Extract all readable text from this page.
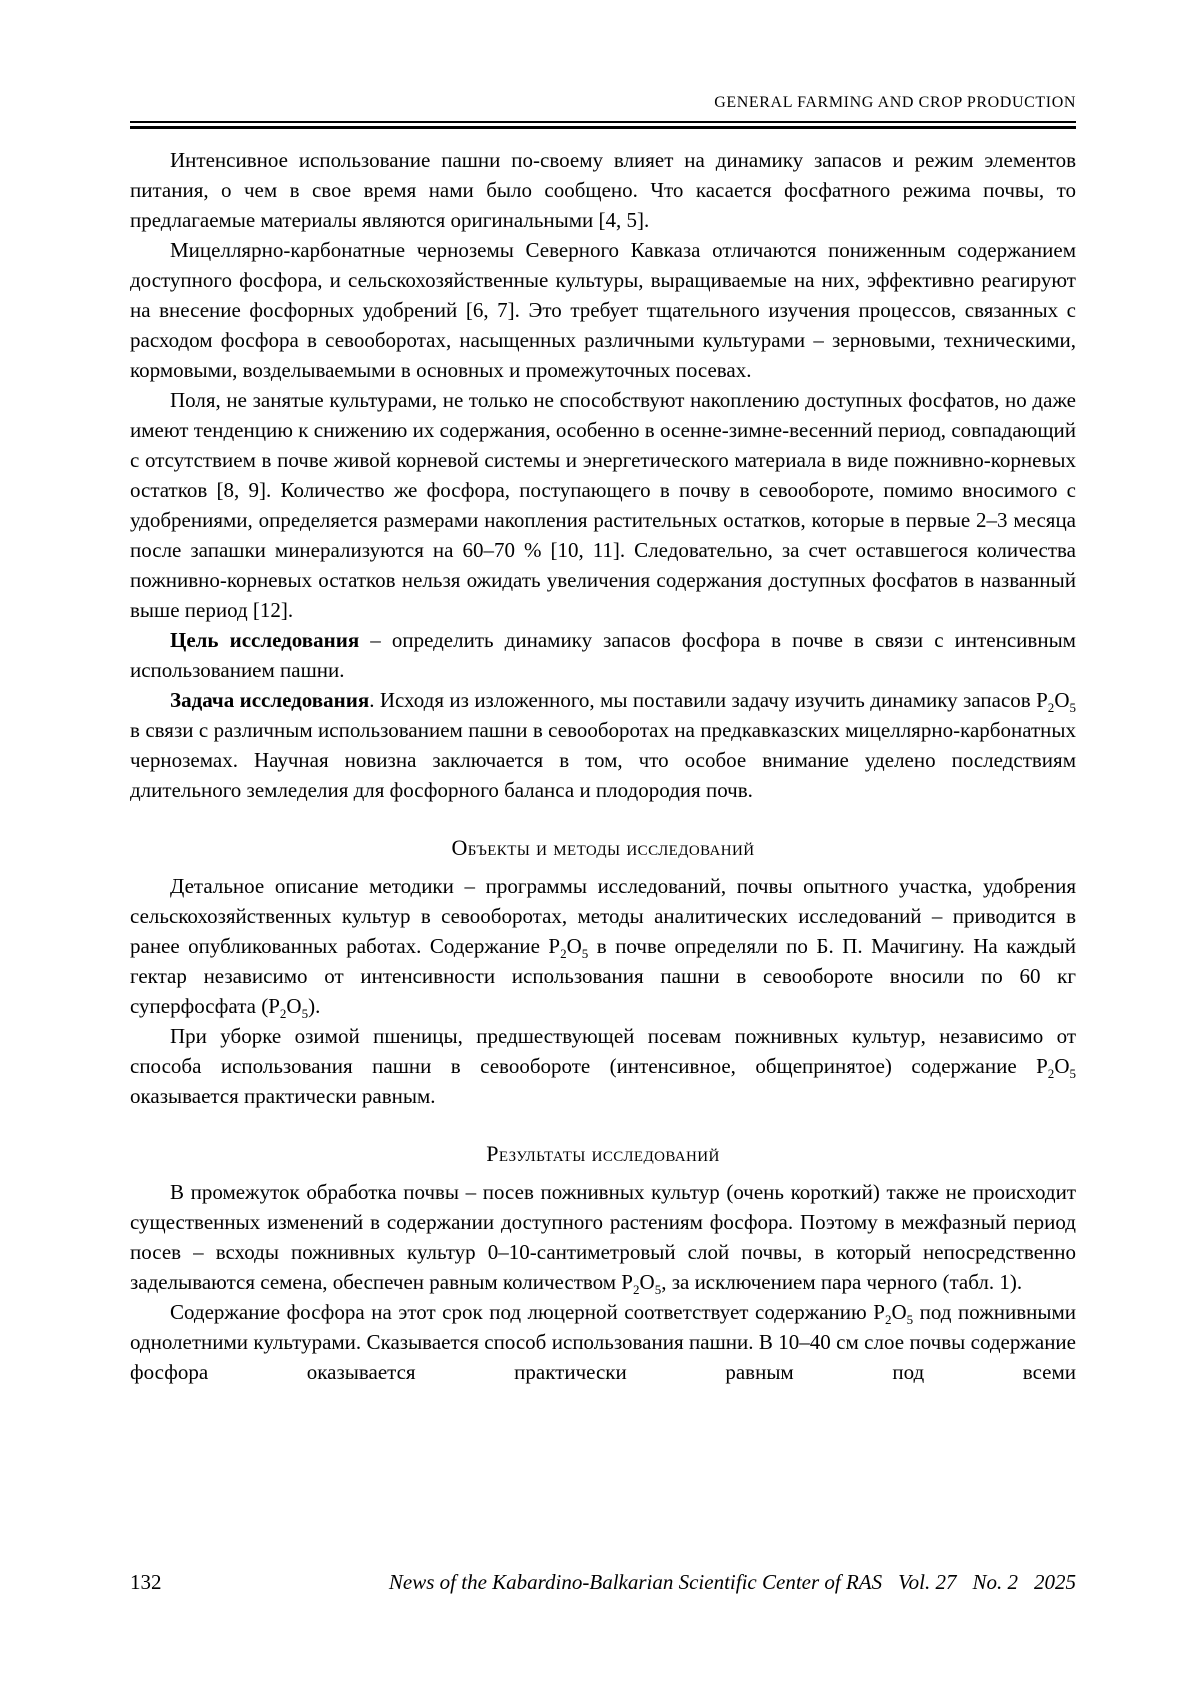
GENERAL FARMING AND CROP PRODUCTION

Интенсивное использование пашни по-своему влияет на динамику запасов и режим элементов питания, о чем в свое время нами было сообщено. Что касается фосфатного режима почвы, то предлагаемые материалы являются оригинальными [4, 5].

Мицеллярно-карбонатные черноземы Северного Кавказа отличаются пониженным содержанием доступного фосфора, и сельскохозяйственные культуры, выращиваемые на них, эффективно реагируют на внесение фосфорных удобрений [6, 7]. Это требует тщательного изучения процессов, связанных с расходом фосфора в севооборотах, насыщенных различными культурами – зерновыми, техническими, кормовыми, возделываемыми в основных и промежуточных посевах.

Поля, не занятые культурами, не только не способствуют накоплению доступных фосфатов, но даже имеют тенденцию к снижению их содержания, особенно в осенне-зимне-весенний период, совпадающий с отсутствием в почве живой корневой системы и энергетического материала в виде пожнивно-корневых остатков [8, 9]. Количество же фосфора, поступающего в почву в севообороте, помимо вносимого с удобрениями, определяется размерами накопления растительных остатков, которые в первые 2–3 месяца после запашки минерализуются на 60–70 % [10, 11]. Следовательно, за счет оставшегося количества пожнивно-корневых остатков нельзя ожидать увеличения содержания доступных фосфатов в названный выше период [12].

Цель исследования – определить динамику запасов фосфора в почве в связи с интенсивным использованием пашни.

Задача исследования. Исходя из изложенного, мы поставили задачу изучить динамику запасов $P_2O_5$ в связи с различным использованием пашни в севооборотах на предкавказских мицеллярно-карбонатных черноземах. Научная новизна заключается в том, что особое внимание уделено последствиям длительного земледелия для фосфорного баланса и плодородия почв.

Объекты и методы исследований

Детальное описание методики – программы исследований, почвы опытного участка, удобрения сельскохозяйственных культур в севооборотах, методы аналитических исследований – приводится в ранее опубликованных работах. Содержание $P_2O_5$ в почве определяли по Б. П. Мачигину. На каждый гектар независимо от интенсивности использования пашни в севообороте вносили по 60 кг суперфосфата $(P_2O_5)$.

При уборке озимой пшеницы, предшествующей посевам пожнивных культур, независимо от способа использования пашни в севообороте (интенсивное, общепринятое) содержание $P_2O_5$ оказывается практически равным.

Результаты исследований

В промежуток обработка почвы – посев пожнивных культур (очень короткий) также не происходит существенных изменений в содержании доступного растениям фосфора. Поэтому в межфазный период посев – всходы пожнивных культур 0–10-сантиметровый слой почвы, в который непосредственно заделываются семена, обеспечен равным количеством $P_2O_5$, за исключением пара черного (табл. 1).

Содержание фосфора на этот срок под люцерной соответствует содержанию $P_2O_5$ под пожнивными однолетними культурами. Сказывается способ использования пашни. В 10–40 см слое почвы содержание фосфора оказывается практически равным под всеми

132	News of the Kabardino-Balkarian Scientific Center of RAS Vol. 27 No. 2 2025
